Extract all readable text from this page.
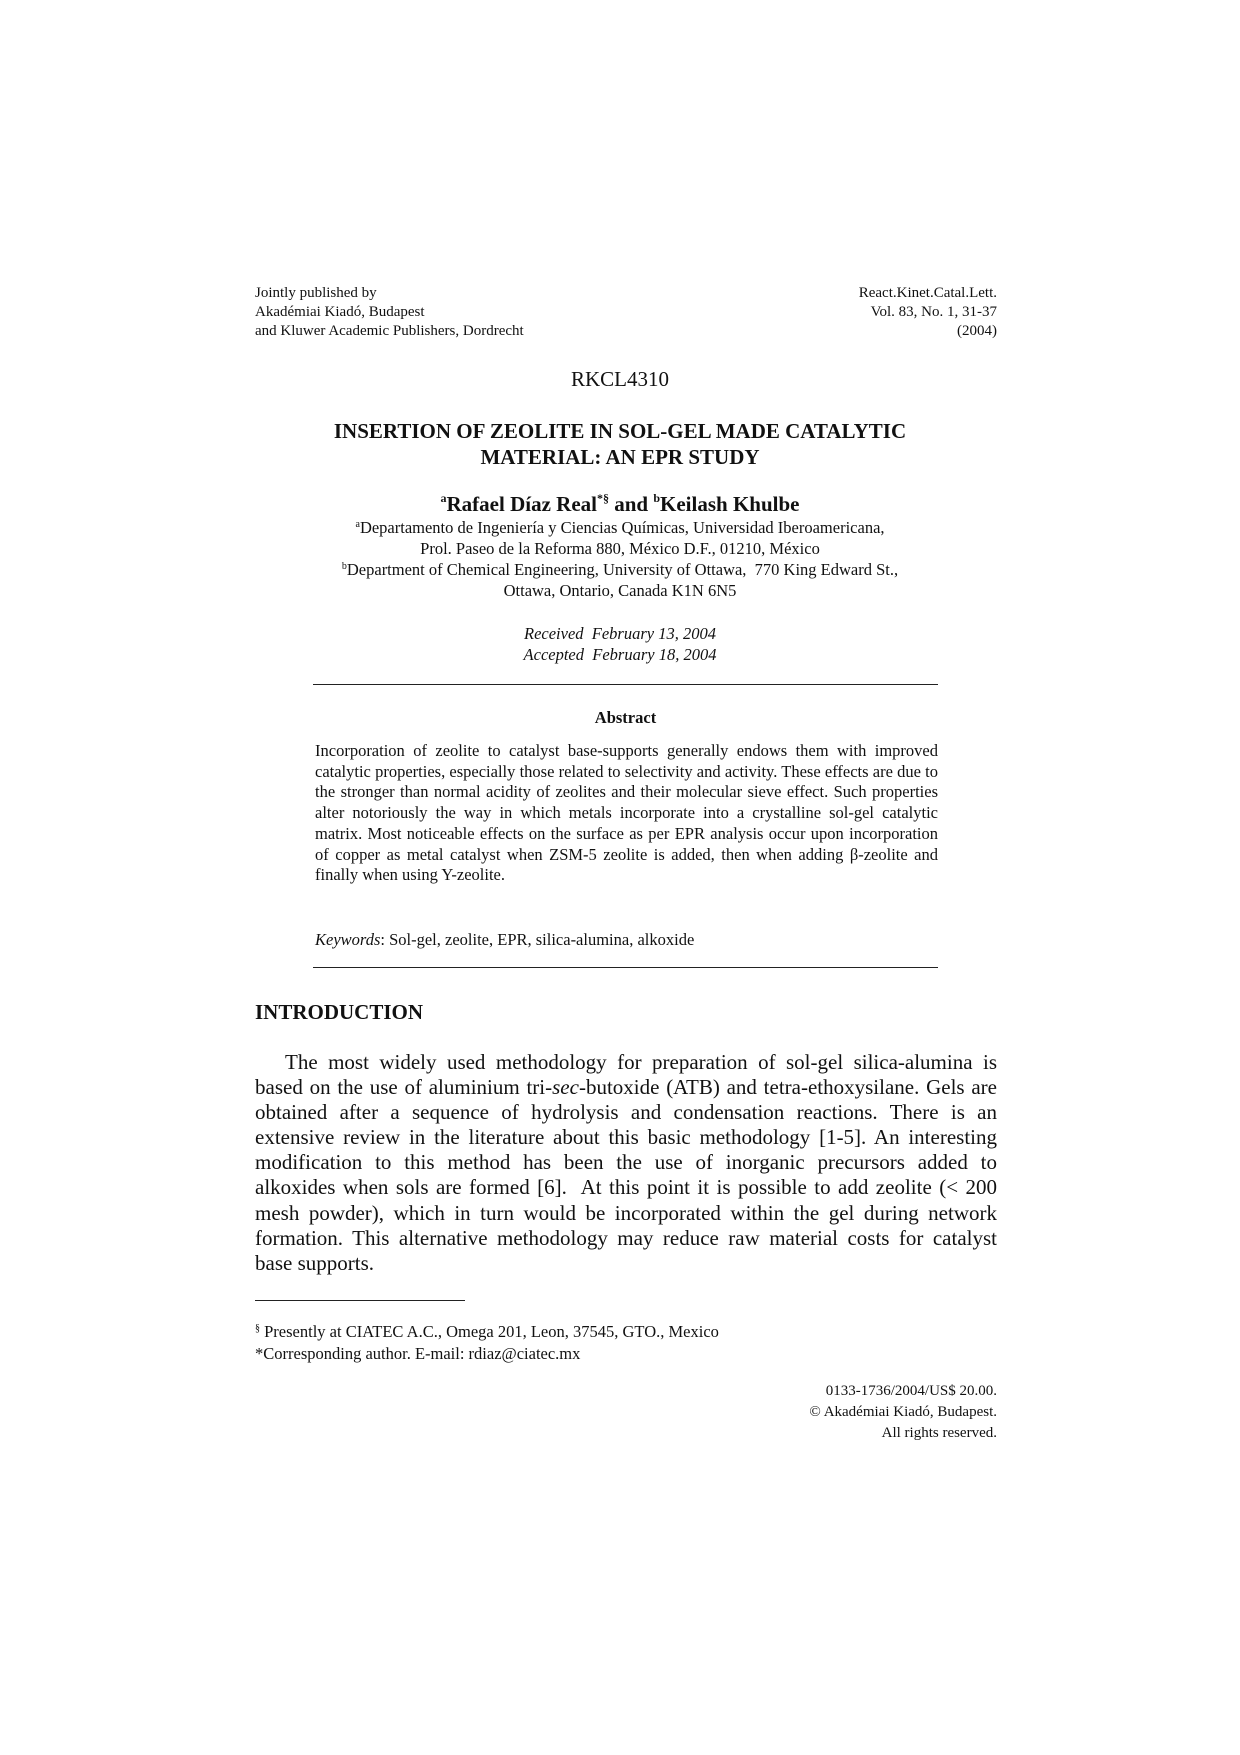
Jointly published by
Akadémiai Kiadó, Budapest
and Kluwer Academic Publishers, Dordrecht
React.Kinet.Catal.Lett.
Vol. 83, No. 1, 31-37
(2004)
RKCL4310
INSERTION OF ZEOLITE IN SOL-GEL MADE CATALYTIC
MATERIAL: AN EPR STUDY
$^a$Rafael Díaz Real*§ and $^b$Keilash Khulbe
$^a$Departamento de Ingeniería y Ciencias Químicas, Universidad Iberoamericana,
Prol. Paseo de la Reforma 880, México D.F., 01210, México
$^b$Department of Chemical Engineering, University of Ottawa,  770 King Edward St.,
Ottawa, Ontario, Canada K1N 6N5
Received  February 13, 2004
Accepted  February 18, 2004
Abstract
Incorporation of zeolite to catalyst base-supports generally endows them with improved catalytic properties, especially those related to selectivity and activity. These effects are due to the stronger than normal acidity of zeolites and their molecular sieve effect. Such properties alter notoriously the way in which metals incorporate into a crystalline sol-gel catalytic matrix. Most noticeable effects on the surface as per EPR analysis occur upon incorporation of copper as metal catalyst when ZSM-5 zeolite is added, then when adding β-zeolite and finally when using Y-zeolite.
Keywords: Sol-gel, zeolite, EPR, silica-alumina, alkoxide
INTRODUCTION

The most widely used methodology for preparation of sol-gel silica-alumina is based on the use of aluminium tri-sec-butoxide (ATB) and tetra-ethoxysilane. Gels are obtained after a sequence of hydrolysis and condensation reactions. There is an extensive review in the literature about this basic methodology [1-5]. An interesting modification to this method has been the use of inorganic precursors added to  alkoxides when sols are formed [6].  At this point it is possible to add zeolite (< 200 mesh powder), which in turn would be incorporated within the gel during network formation. This alternative methodology may reduce raw material costs for catalyst base supports.

§ Presently at CIATEC A.C., Omega 201, Leon, 37545, GTO., Mexico
*Corresponding author. E-mail: rdiaz@ciatec.mx
0133-1736/2004/US$ 20.00.
© Akadémiai Kiadó, Budapest.
All rights reserved.
